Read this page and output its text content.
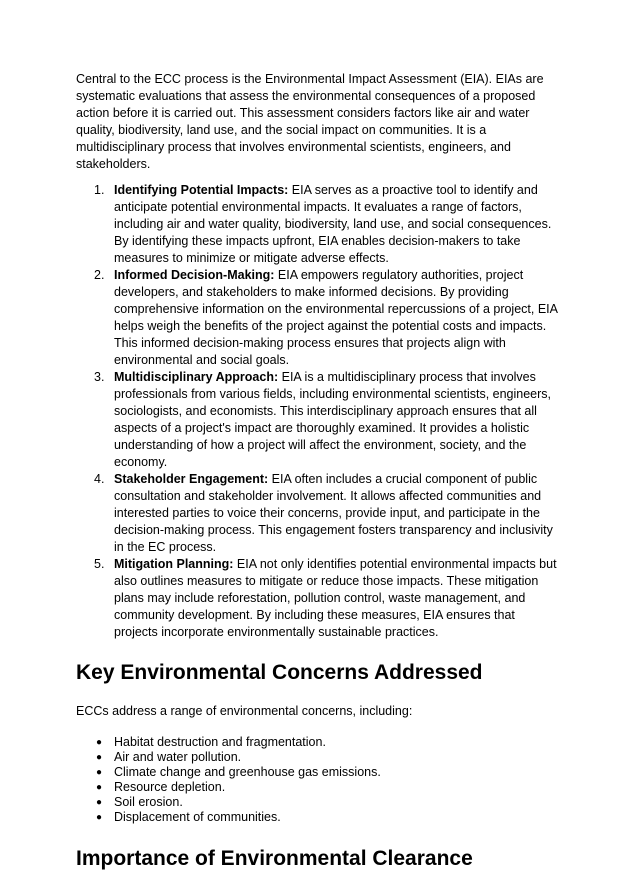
Central to the ECC process is the Environmental Impact Assessment (EIA). EIAs are systematic evaluations that assess the environmental consequences of a proposed action before it is carried out. This assessment considers factors like air and water quality, biodiversity, land use, and the social impact on communities. It is a multidisciplinary process that involves environmental scientists, engineers, and stakeholders.

1. Identifying Potential Impacts: EIA serves as a proactive tool to identify and anticipate potential environmental impacts. It evaluates a range of factors, including air and water quality, biodiversity, land use, and social consequences. By identifying these impacts upfront, EIA enables decision-makers to take measures to minimize or mitigate adverse effects.
2. Informed Decision-Making: EIA empowers regulatory authorities, project developers, and stakeholders to make informed decisions. By providing comprehensive information on the environmental repercussions of a project, EIA helps weigh the benefits of the project against the potential costs and impacts. This informed decision-making process ensures that projects align with environmental and social goals.
3. Multidisciplinary Approach: EIA is a multidisciplinary process that involves professionals from various fields, including environmental scientists, engineers, sociologists, and economists. This interdisciplinary approach ensures that all aspects of a project's impact are thoroughly examined. It provides a holistic understanding of how a project will affect the environment, society, and the economy.
4. Stakeholder Engagement: EIA often includes a crucial component of public consultation and stakeholder involvement. It allows affected communities and interested parties to voice their concerns, provide input, and participate in the decision-making process. This engagement fosters transparency and inclusivity in the EC process.
5. Mitigation Planning: EIA not only identifies potential environmental impacts but also outlines measures to mitigate or reduce those impacts. These mitigation plans may include reforestation, pollution control, waste management, and community development. By including these measures, EIA ensures that projects incorporate environmentally sustainable practices.
Key Environmental Concerns Addressed

ECCs address a range of environmental concerns, including:

● Habitat destruction and fragmentation.
● Air and water pollution.
● Climate change and greenhouse gas emissions.
● Resource depletion.
● Soil erosion.
● Displacement of communities.
Importance of Environmental Clearance
